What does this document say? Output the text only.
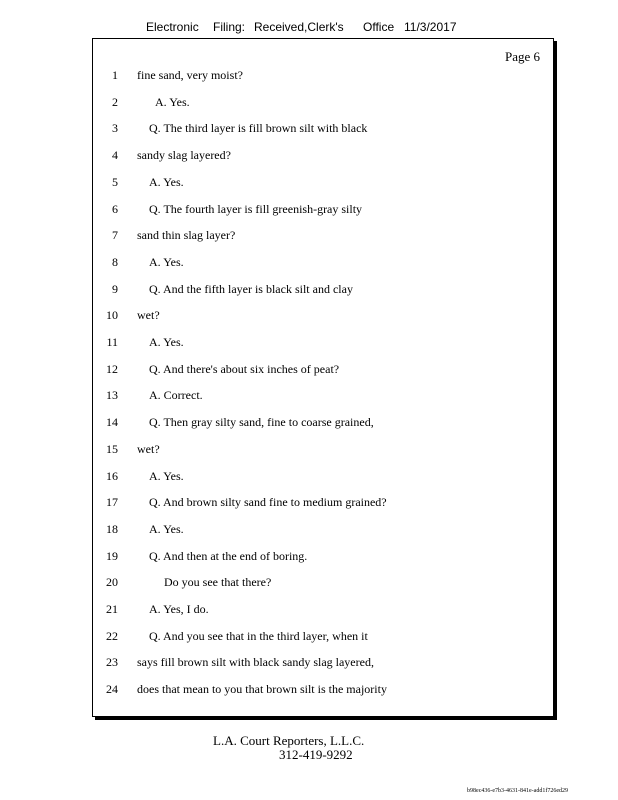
Electronic Filing: Received,Clerk's Office 11/3/2017
Page 6
1 fine sand, very moist?
2	A. Yes.
3	Q. The third layer is fill brown silt with black
4 sandy slag layered?
5	A. Yes.
6	Q. The fourth layer is fill greenish-gray silty
7 sand thin slag layer?
8	A. Yes.
9	Q. And the fifth layer is black silt and clay
10 wet?
11	A. Yes.
12	Q. And there's about six inches of peat?
13	A. Correct.
14	Q. Then gray silty sand, fine to coarse grained,
15 wet?
16	A. Yes.
17	Q. And brown silty sand fine to medium grained?
18	A. Yes.
19	Q. And then at the end of boring.
20	Do you see that there?
21	A. Yes, I do.
22	Q. And you see that in the third layer, when it
23 says fill brown silt with black sandy slag layered,
24 does that mean to you that brown silt is the majority
L.A. Court Reporters, L.L.C.
312-419-9292
b98ec436-e7b3-4631-841e-add1f726ed29
